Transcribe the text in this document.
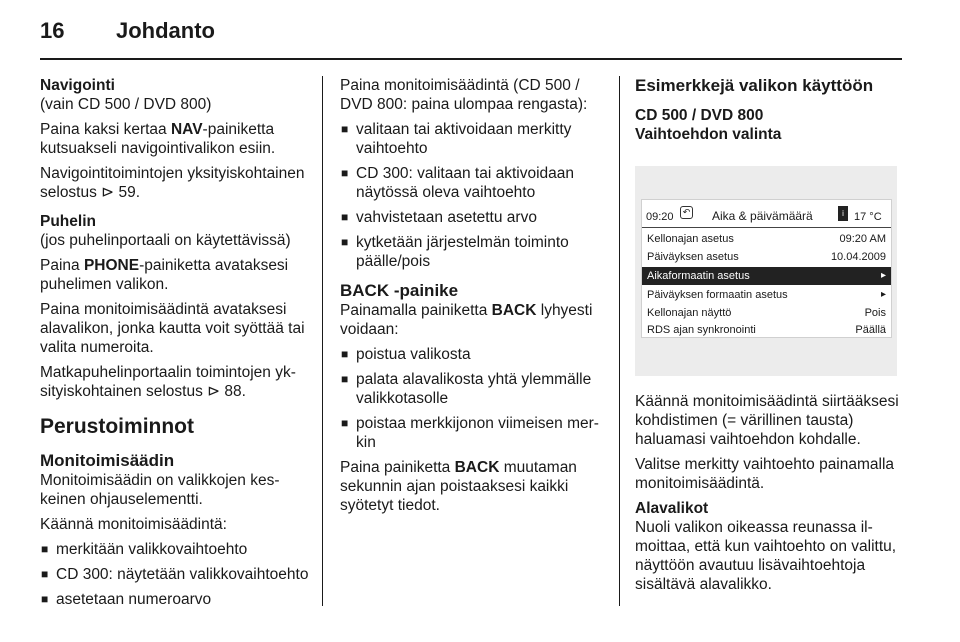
16 Johdanto

Navigointi

(vain CD 500 / DVD 800)

Paina kaksi kertaa NAV-painiketta kutsuakseli navigointivalikon esiin.

Navigointitoimintojen yksityiskohtainen selostus ⊳ 59.

Puhelin

(jos puhelinportaali on käytettävissä)

Paina PHONE-painiketta avataksesi puhelimen valikon.

Paina monitoimisäädintä avataksesi alavalikon, jonka kautta voit syöttää tai valita numeroita.

Matkapuhelinportaalin toimintojen yksityiskohtainen selostus ⊳ 88.

Perustoiminnot
Monitoimisäädin

Monitoimisäädin on valikkojen keskeinen ohjauselementti.

Käännä monitoimisäädintä:

■ merkitään valikkovaihtoehto
■ CD 300: näytetään valikkovaihtoehto
■ asetetaan numeroarvo

Paina monitoimisäädintä (CD 500 / DVD 800: paina ulompaa rengasta):

■ valitaan tai aktivoidaan merkitty vaihtoehto
■ CD 300: valitaan tai aktivoidaan näytössä oleva vaihtoehto
■ vahvistetaan asetettu arvo
■ kytketään järjestelmän toiminto päälle/pois
BACK -painike

Painamalla painiketta BACK lyhyesti voidaan:

■ poistua valikosta
■ palata alavalikosta yhtä ylemmälle valikkotasolle
■ poistaa merkkijonon viimeisen merkin

Paina painiketta BACK muutaman sekunnin ajan poistaaksesi kaikki syötetyt tiedot.

Esimerkkejä valikon käyttöön
CD 500 / DVD 800
Vaihtoehdon valinta
09:20	↶ Aika & päivämäärä	i 17 °C
Kellonajan asetus	09:20 AM
Päiväyksen asetus	10.04.2009
Aikaformaatin asetus	▸
Päiväyksen formaatin asetus	▸
Kellonajan näyttö	Pois
RDS ajan synkronointi	Päällä

Käännä monitoimisäädintä siirtääksesi kohdistimen (= värillinen tausta) haluamasi vaihtoehdon kohdalle.

Valitse merkitty vaihtoehto painamalla monitoimisäädintä.

Alavalikot

Nuoli valikon oikeassa reunassa ilmoittaa, että kun vaihtoehto on valittu, näyttöön avautuu lisävaihtoehtoja sisältävä alavalikko.
